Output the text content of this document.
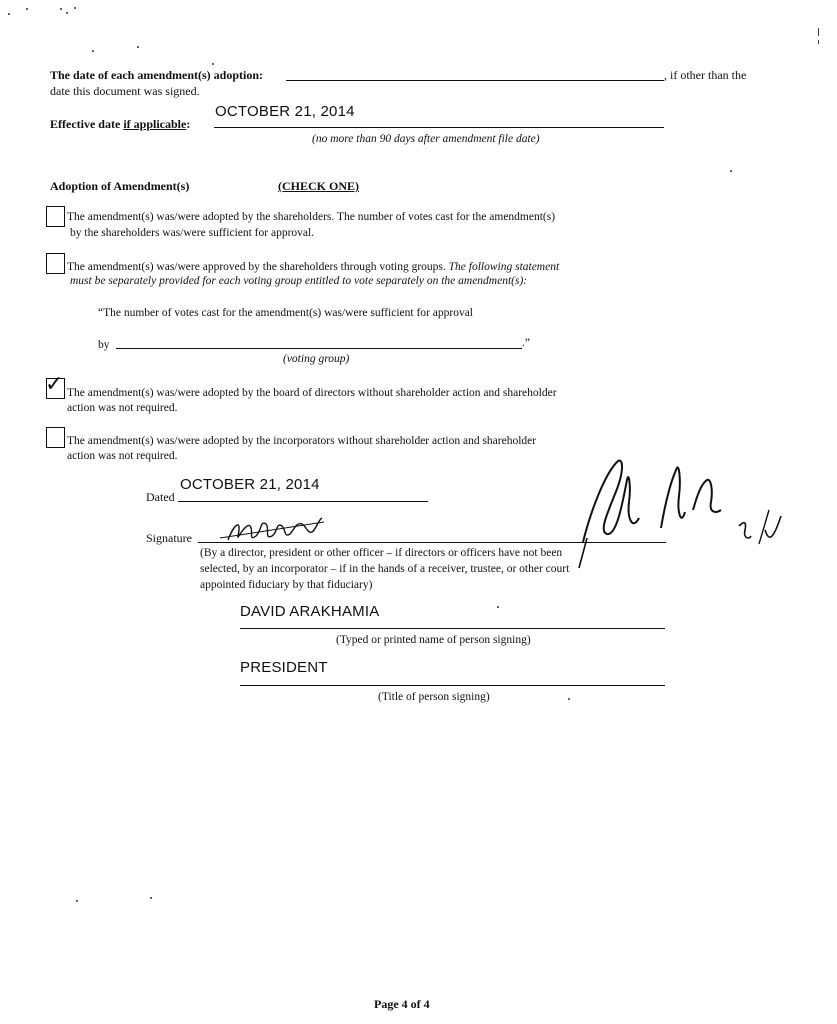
The date of each amendment(s) adoption:	, if other than the
date this document was signed.
Effective date if applicable:
OCTOBER 21, 2014
(no more than 90 days after amendment file date)
Adoption of Amendment(s)	(CHECK ONE)
The amendment(s) was/were adopted by the shareholders. The number of votes cast for the amendment(s)
by the shareholders was/were sufficient for approval.
The amendment(s) was/were approved by the shareholders through voting groups. The following statement
must be separately provided for each voting group entitled to vote separately on the amendment(s):
“The number of votes cast for the amendment(s) was/were sufficient for approval
by	.”
(voting group)
✓ The amendment(s) was/were adopted by the board of directors without shareholder action and shareholder
action was not required.
The amendment(s) was/were adopted by the incorporators without shareholder action and shareholder
action was not required.
OCTOBER 21, 2014
Dated
Signature
(By a director, president or other officer – if directors or officers have not been
selected, by an incorporator – if in the hands of a receiver, trustee, or other court
appointed fiduciary by that fiduciary)
DAVID ARAKHAMIA
(Typed or printed name of person signing)
PRESIDENT
(Title of person signing)
Page 4 of 4
